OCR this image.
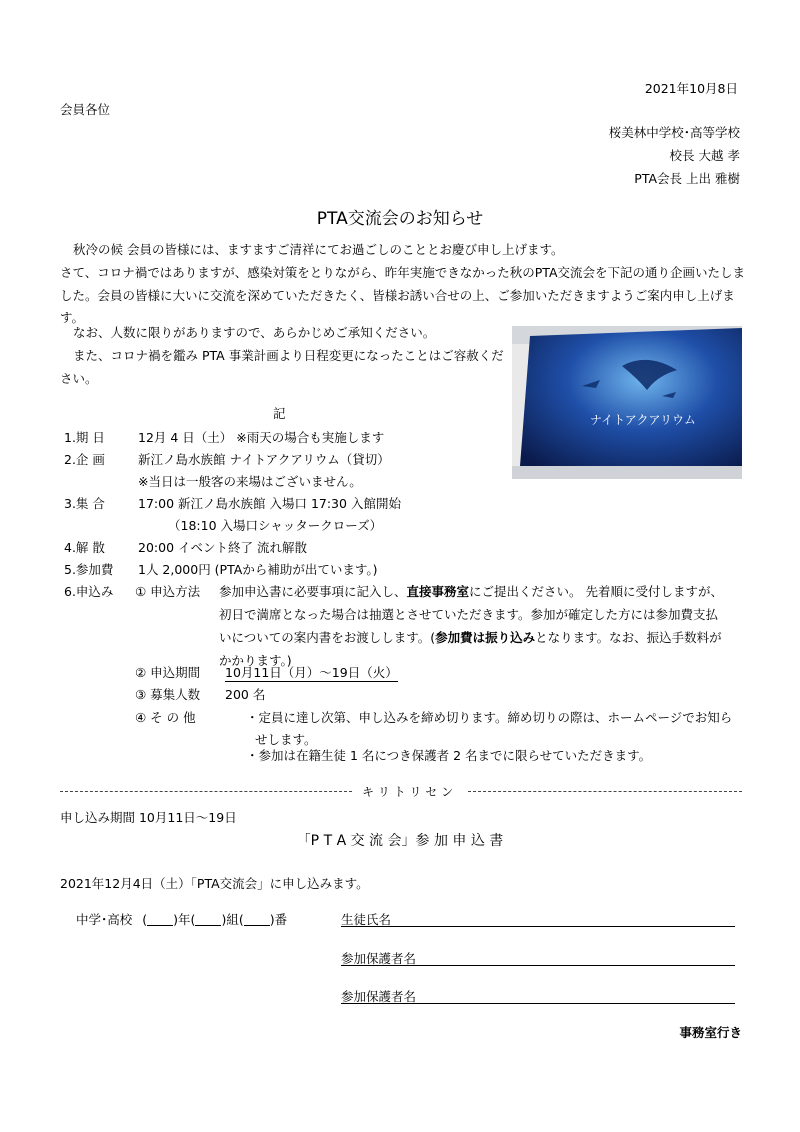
2021年10月8日
会員各位
桜美林中学校･高等学校
校長 大越 孝
PTA会長 上出 雅樹
PTA交流会のお知らせ
秋冷の候 会員の皆様には、ますますご清祥にてお過ごしのこととお慶び申し上げます。
さて、コロナ禍ではありますが、感染対策をとりながら、昨年実施できなかった秋のPTA交流会を下記の通り企画いたしました。会員の皆様に大いに交流を深めていただきたく、皆様お誘い合せの上、ご参加いただきますようご案内申し上げます。
なお、人数に限りがありますので、あらかじめご承知ください。
また、コロナ禍を鑑み PTA 事業計画より日程変更になったことはご容赦ください。
ナイトアクアリウム
記
1.期 日	12月 4 日（土） ※雨天の場合も実施します
2.企 画	新江ノ島水族館 ナイトアクアリウム（貸切）
※当日は一般客の来場はございません。
3.集 合	17:00 新江ノ島水族館 入場口 17:30 入館開始
（18:10 入場口シャッタークローズ）
4.解 散	20:00 イベント終了 流れ解散
5.参加費 1人 2,000円 (PTAから補助が出ています。)
6.申込み ① 申込方法 参加申込書に必要事項に記入し、直接事務室にご提出ください。 先着順に受付しますが、
初日で満席となった場合は抽選とさせていただきます。参加が確定した方には参加費支払
いについての案内書をお渡しします。(参加費は振り込みとなります。なお、振込手数料が
かかります。)
② 申込期間 10月11日（月）～19日（火）
③ 募集人数 200 名
④ そ の 他	・定員に達し次第、申し込みを締め切ります。締め切りの際は、ホームページでお知ら
せします。
・参加は在籍生徒 1 名につき保護者 2 名までに限らせていただきます。
キ リ ト リ セ ン
申し込み期間 10月11日～19日
「P T A 交 流 会」参 加 申 込 書
2021年12月4日（土）「PTA交流会」に申し込みます。
中学･高校 ( )年( )組( )番	生徒氏名
参加保護者名
参加保護者名
事務室行き
